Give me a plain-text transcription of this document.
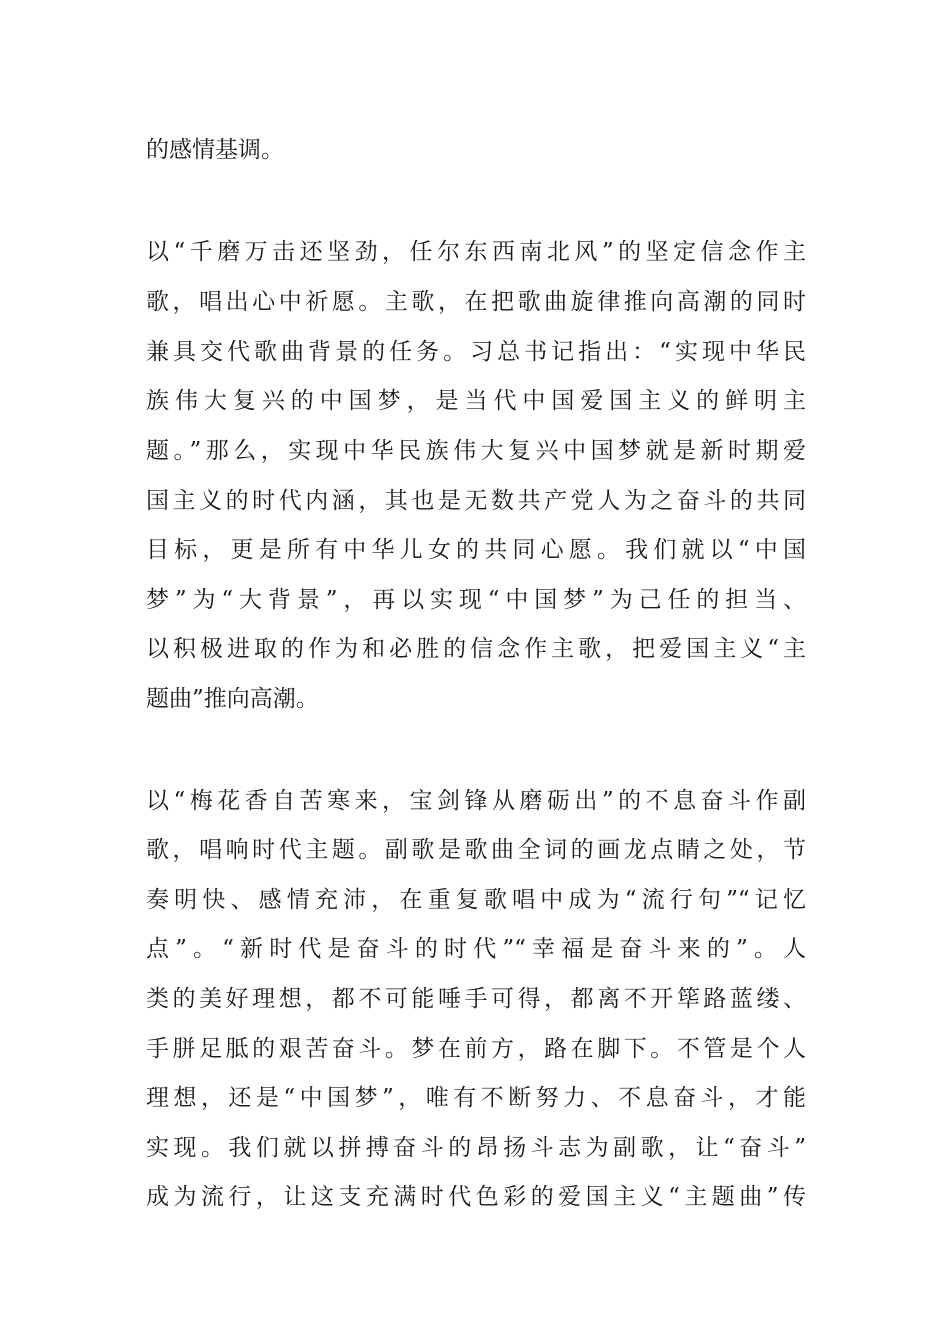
的感情基调。
以“千磨万击还坚劲，任尔东西南北风”的坚定信念作主
歌，唱出心中祈愿。主歌，在把歌曲旋律推向高潮的同时
兼具交代歌曲背景的任务。习总书记指出：“实现中华民
族伟大复兴的中国梦，是当代中国爱国主义的鲜明主
题。”那么，实现中华民族伟大复兴中国梦就是新时期爱
国主义的时代内涵，其也是无数共产党人为之奋斗的共同
目标，更是所有中华儿女的共同心愿。我们就以“中国
梦”为“大背景”，再以实现“中国梦”为己任的担当、
以积极进取的作为和必胜的信念作主歌，把爱国主义“主
题曲”推向高潮。
以“梅花香自苦寒来，宝剑锋从磨砺出”的不息奋斗作副
歌，唱响时代主题。副歌是歌曲全词的画龙点睛之处，节
奏明快、感情充沛，在重复歌唱中成为“流行句”“记忆
点”。“新时代是奋斗的时代”“幸福是奋斗来的”。人
类的美好理想，都不可能唾手可得，都离不开筚路蓝缕、
手胼足胝的艰苦奋斗。梦在前方，路在脚下。不管是个人
理想，还是“中国梦”，唯有不断努力、不息奋斗，才能
实现。我们就以拼搏奋斗的昂扬斗志为副歌，让“奋斗”
成为流行，让这支充满时代色彩的爱国主义“主题曲”传
